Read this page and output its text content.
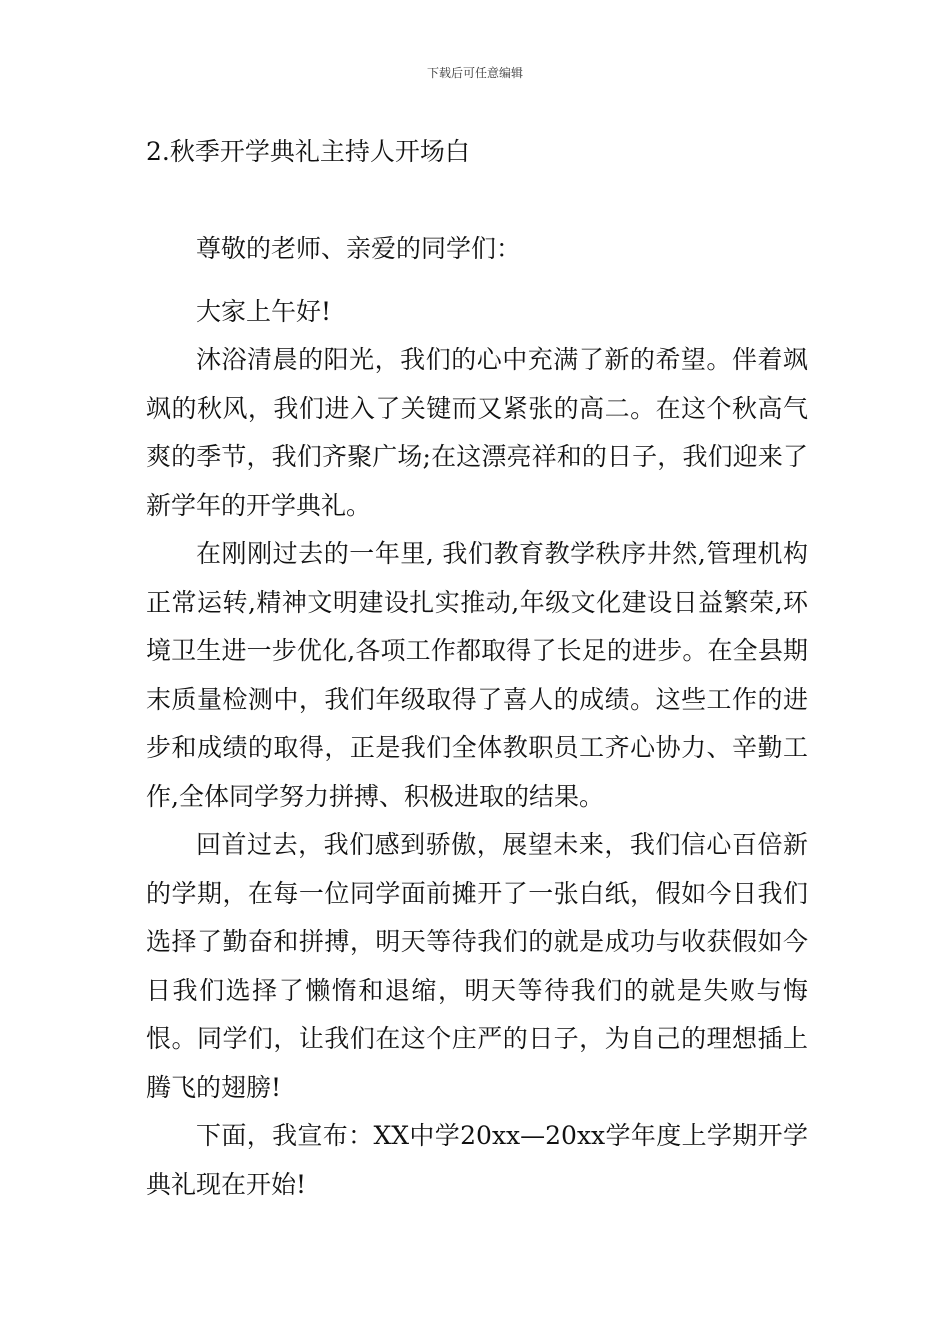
下载后可任意编辑
2.秋季开学典礼主持人开场白

尊敬的老师、亲爱的同学们：

大家上午好!

沐浴清晨的阳光，我们的心中充满了新的希望。伴着飒飒的秋风，我们进入了关键而又紧张的高二。在这个秋高气爽的季节，我们齐聚广场;在这漂亮祥和的日子，我们迎来了新学年的开学典礼。

在刚刚过去的一年里, 我们教育教学秩序井然,管理机构正常运转,精神文明建设扎实推动,年级文化建设日益繁荣,环境卫生进一步优化,各项工作都取得了长足的进步。在全县期末质量检测中，我们年级取得了喜人的成绩。这些工作的进步和成绩的取得，正是我们全体教职员工齐心协力、辛勤工作,全体同学努力拼搏、积极进取的结果。

回首过去，我们感到骄傲，展望未来，我们信心百倍新的学期，在每一位同学面前摊开了一张白纸，假如今日我们选择了勤奋和拼搏，明天等待我们的就是成功与收获假如今日我们选择了懒惰和退缩，明天等待我们的就是失败与悔恨。同学们，让我们在这个庄严的日子，为自己的理想插上腾飞的翅膀!

下面，我宣布：XX中学20xx—20xx学年度上学期开学典礼现在开始!
